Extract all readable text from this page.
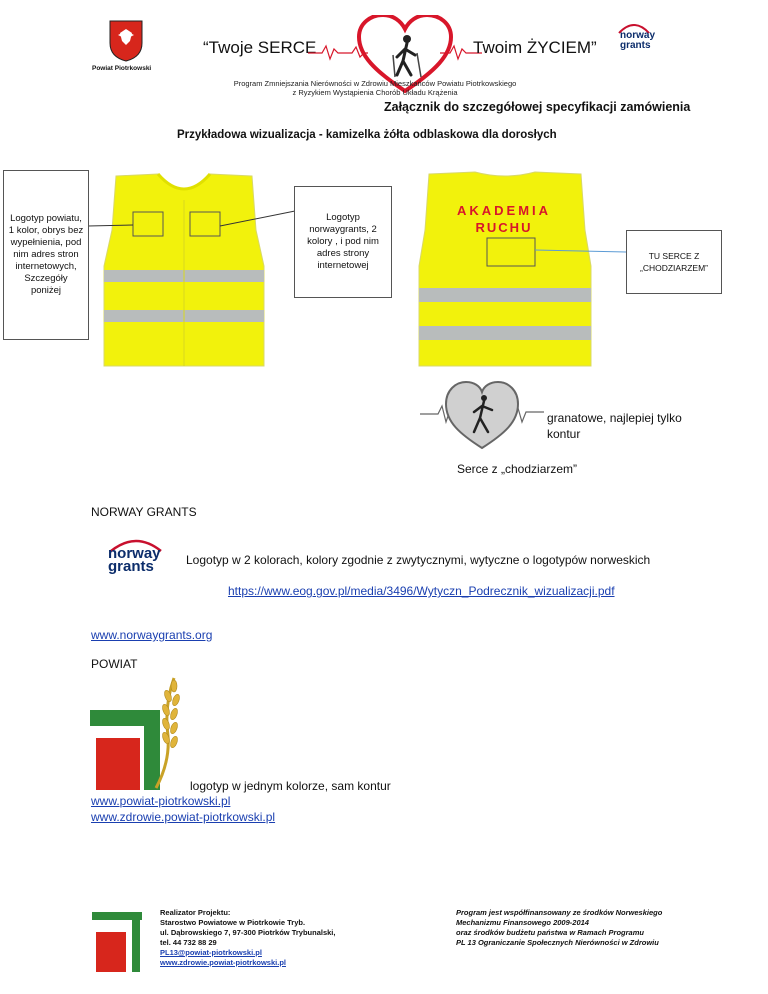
Powiat Piotrkowski
“Twoje SERCE	Twoim ŻYCIEM”
norway
grants
Program Zmniejszania Nierówności w Zdrowiu Mieszkańców Powiatu Piotrkowskiego
z Ryzykiem Wystąpienia Chorób Układu Krążenia
Załącznik do szczegółowej specyfikacji zamówienia
Przykładowa wizualizacja - kamizelka żółta odblaskowa dla dorosłych
AKADEMIA
RUCHU
Logotyp powiatu, 1 kolor, obrys bez wypełnienia, pod nim adres stron internetowych, Szczegóły poniżej
Logotyp norwaygrants, 2 kolory , i pod nim adres strony internetowej
TU SERCE Z „CHODZIARZEM”
granatowe, najlepiej tylko kontur
Serce z „chodziarzem”
NORWAY GRANTS
norway
grants	Logotyp w 2 kolorach, kolory zgodnie z zwytycznymi, wytyczne o logotypów norweskich
https://www.eog.gov.pl/media/3496/Wytyczn_Podrecznik_wizualizacji.pdf
www.norwaygrants.org
POWIAT
logotyp w jednym kolorze, sam kontur
www.powiat-piotrkowski.pl
www.zdrowie.powiat-piotrkowski.pl
Realizator Projektu:
Starostwo Powiatowe w Piotrkowie Tryb.
ul. Dąbrowskiego 7, 97-300 Piotrków Trybunalski,
tel. 44 732 88 29
PL13@powiat-piotrkowski.pl
www.zdrowie.powiat-piotrkowski.pl
Program jest współfinansowany ze środków Norweskiego
Mechanizmu Finansowego 2009-2014
oraz środków budżetu państwa w Ramach Programu
PL 13 Ograniczanie Społecznych Nierówności w Zdrowiu
